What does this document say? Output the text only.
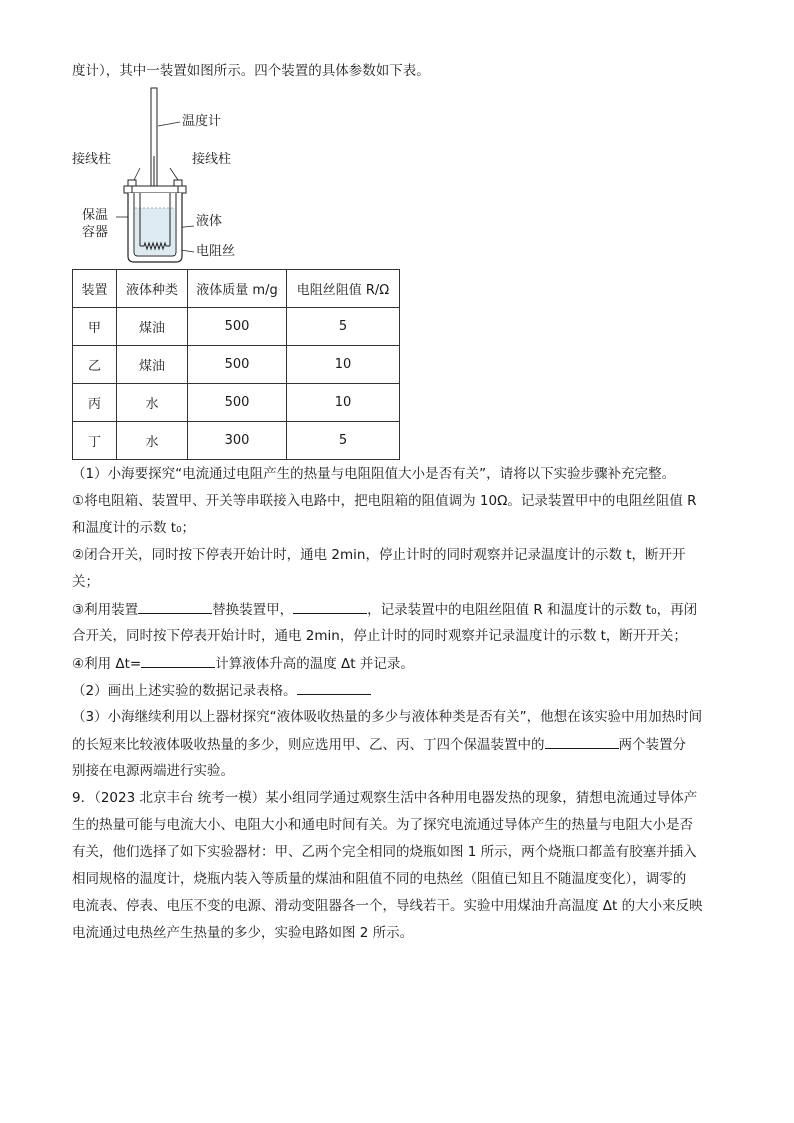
度计），其中一装置如图所示。四个装置的具体参数如下表。
温度计
接线柱	接线柱
保温
容器
液体
电阻丝
装置	液体种类	液体质量 m/g	电阻丝阻值 R/Ω
甲	煤油	500	5
乙	煤油	500	10
丙	水	500	10
丁	水	300	5
（1）小海要探究“电流通过电阻产生的热量与电阻阻值大小是否有关”，请将以下实验步骤补充完整。
①将电阻箱、装置甲、开关等串联接入电路中，把电阻箱的阻值调为 10Ω。记录装置甲中的电阻丝阻值 R
和温度计的示数 t₀；
②闭合开关，同时按下停表开始计时，通电 2min，停止计时的同时观察并记录温度计的示数 t，断开开
关；
③利用装置	替换装置甲，	，记录装置中的电阻丝阻值 R 和温度计的示数 t₀，再闭
合开关，同时按下停表开始计时，通电 2min，停止计时的同时观察并记录温度计的示数 t，断开开关；
④利用 Δt=	计算液体升高的温度 Δt 并记录。
（2）画出上述实验的数据记录表格。
（3）小海继续利用以上器材探究“液体吸收热量的多少与液体种类是否有关”，他想在该实验中用加热时间
的长短来比较液体吸收热量的多少，则应选用甲、乙、丙、丁四个保温装置中的	两个装置分
别接在电源两端进行实验。
9．（2023 北京丰台 统考一模）某小组同学通过观察生活中各种用电器发热的现象，猜想电流通过导体产
生的热量可能与电流大小、电阻大小和通电时间有关。为了探究电流通过导体产生的热量与电阻大小是否
有关，他们选择了如下实验器材：甲、乙两个完全相同的烧瓶如图 1 所示，两个烧瓶口都盖有胶塞并插入
相同规格的温度计，烧瓶内装入等质量的煤油和阻值不同的电热丝（阻值已知且不随温度变化），调零的
电流表、停表、电压不变的电源、滑动变阻器各一个，导线若干。实验中用煤油升高温度 Δt 的大小来反映
电流通过电热丝产生热量的多少，实验电路如图 2 所示。
